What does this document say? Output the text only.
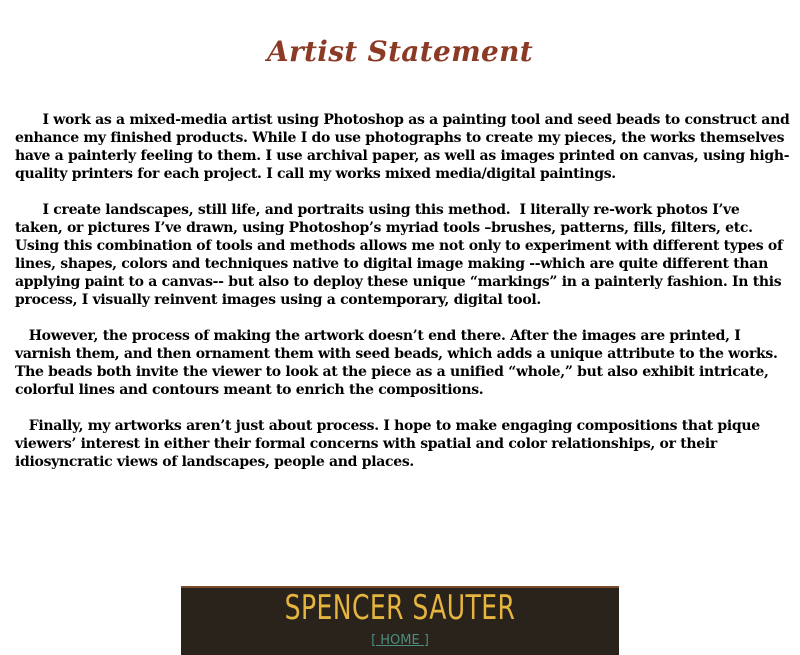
Artist Statement

I work as a mixed-media artist using Photoshop as a painting tool and seed beads to construct and enhance my finished products. While I do use photographs to create my pieces, the works themselves have a painterly feeling to them. I use archival paper, as well as images printed on canvas, using high-quality printers for each project. I call my works mixed media/digital paintings.

I create landscapes, still life, and portraits using this method.  I literally re-work photos I’ve taken, or pictures I’ve drawn, using Photoshop’s myriad tools –brushes, patterns, fills, filters, etc. Using this combination of tools and methods allows me not only to experiment with different types of lines, shapes, colors and techniques native to digital image making --which are quite different than applying paint to a canvas-- but also to deploy these unique “markings” in a painterly fashion. In this process, I visually reinvent images using a contemporary, digital tool.

However, the process of making the artwork doesn’t end there. After the images are printed, I varnish them, and then ornament them with seed beads, which adds a unique attribute to the works. The beads both invite the viewer to look at the piece as a unified “whole,” but also exhibit intricate, colorful lines and contours meant to enrich the compositions.

Finally, my artworks aren’t just about process. I hope to make engaging compositions that pique viewers’ interest in either their formal concerns with spatial and color relationships, or their idiosyncratic views of landscapes, people and places.

SPENCER SAUTER
[ HOME ]
